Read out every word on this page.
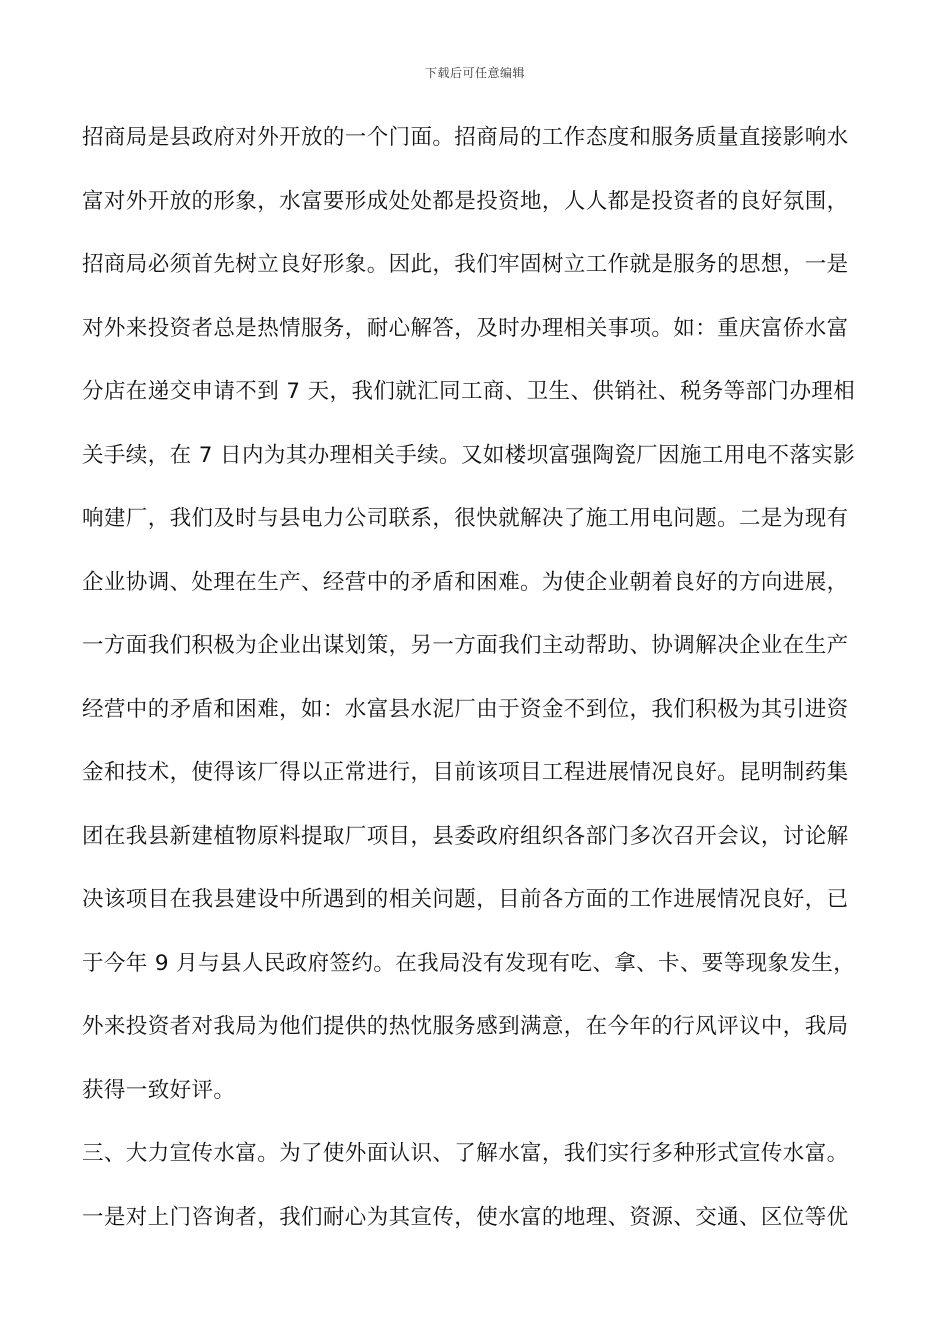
下载后可任意编辑
招商局是县政府对外开放的一个门面。招商局的工作态度和服务质量直接影响水
富对外开放的形象，水富要形成处处都是投资地，人人都是投资者的良好氛围，
招商局必须首先树立良好形象。因此，我们牢固树立工作就是服务的思想，一是
对外来投资者总是热情服务，耐心解答，及时办理相关事项。如：重庆富侨水富
分店在递交申请不到 7 天，我们就汇同工商、卫生、供销社、税务等部门办理相
关手续，在 7 日内为其办理相关手续。又如楼坝富强陶瓷厂因施工用电不落实影
响建厂，我们及时与县电力公司联系，很快就解决了施工用电问题。二是为现有
企业协调、处理在生产、经营中的矛盾和困难。为使企业朝着良好的方向进展，
一方面我们积极为企业出谋划策，另一方面我们主动帮助、协调解决企业在生产
经营中的矛盾和困难，如：水富县水泥厂由于资金不到位，我们积极为其引进资
金和技术，使得该厂得以正常进行，目前该项目工程进展情况良好。昆明制药集
团在我县新建植物原料提取厂项目，县委政府组织各部门多次召开会议，讨论解
决该项目在我县建设中所遇到的相关问题，目前各方面的工作进展情况良好，已
于今年 9 月与县人民政府签约。在我局没有发现有吃、拿、卡、要等现象发生，
外来投资者对我局为他们提供的热忱服务感到满意，在今年的行风评议中，我局
获得一致好评。
三、大力宣传水富。为了使外面认识、了解水富，我们实行多种形式宣传水富。
一是对上门咨询者，我们耐心为其宣传，使水富的地理、资源、交通、区位等优
